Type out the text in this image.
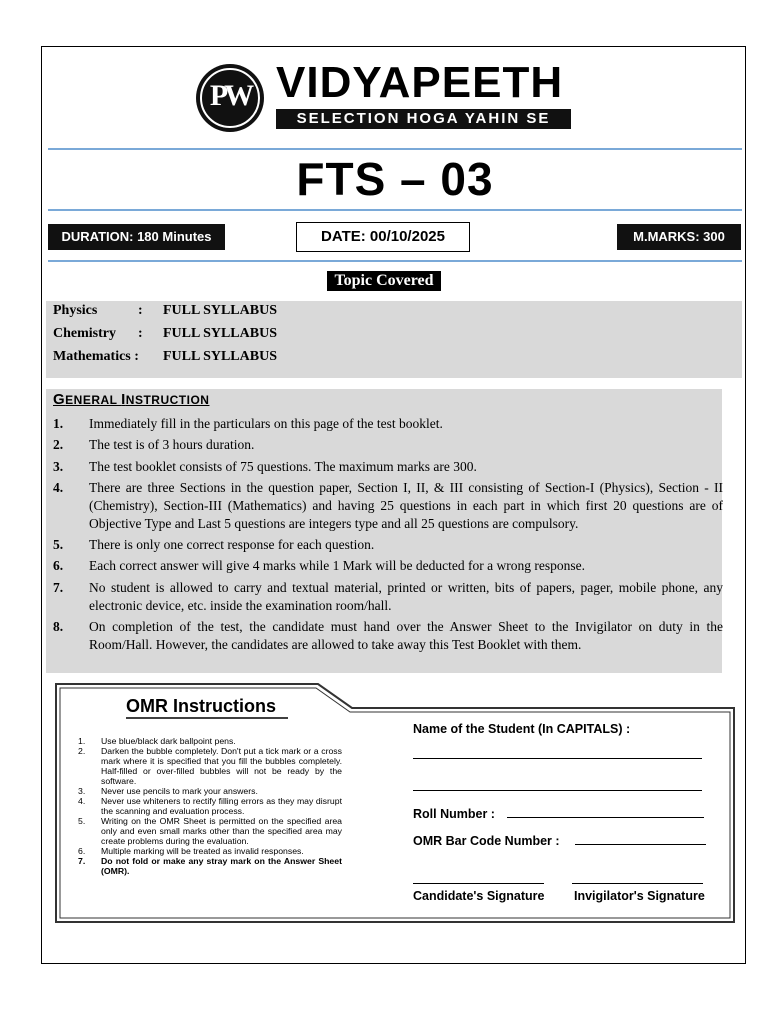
PW VIDYAPEETH
SELECTION HOGA YAHIN SE
FTS – 03
DURATION: 180 Minutes	DATE: 00/10/2025	M.MARKS: 300
Topic Covered
Physics	: FULL SYLLABUS
Chemistry	: FULL SYLLABUS
Mathematics :	FULL SYLLABUS
GENERAL INSTRUCTION
1. Immediately fill in the particulars on this page of the test booklet.
2. The test is of 3 hours duration.
3. The test booklet consists of 75 questions. The maximum marks are 300.
4. There are three Sections in the question paper, Section I, II, & III consisting of Section-I (Physics), Section - II (Chemistry), Section-III (Mathematics) and having 25 questions in each part in which first 20 questions are of Objective Type and Last 5 questions are integers type and all 25 questions are compulsory.
5. There is only one correct response for each question.
6. Each correct answer will give 4 marks while 1 Mark will be deducted for a wrong response.
7. No student is allowed to carry and textual material, printed or written, bits of papers, pager, mobile phone, any electronic device, etc. inside the examination room/hall.
8. On completion of the test, the candidate must hand over the Answer Sheet to the Invigilator on duty in the Room/Hall. However, the candidates are allowed to take away this Test Booklet with them.
OMR Instructions
1. Use blue/black dark ballpoint pens.
2. Darken the bubble completely. Don't put a tick mark or a cross mark where it is specified that you fill the bubbles completely. Half-filled or over-filled bubbles will not be ready by the software.
3. Never use pencils to mark your answers.
4. Never use whiteners to rectify filling errors as they may disrupt the scanning and evaluation process.
5. Writing on the OMR Sheet is permitted on the specified area only and even small marks other than the specified area may create problems during the evaluation.
6. Multiple marking will be treated as invalid responses.
7. Do not fold or make any stray mark on the Answer Sheet (OMR).
Name of the Student (In CAPITALS) :
Roll Number :
OMR Bar Code Number :
Candidate's Signature Invigilator's Signature
